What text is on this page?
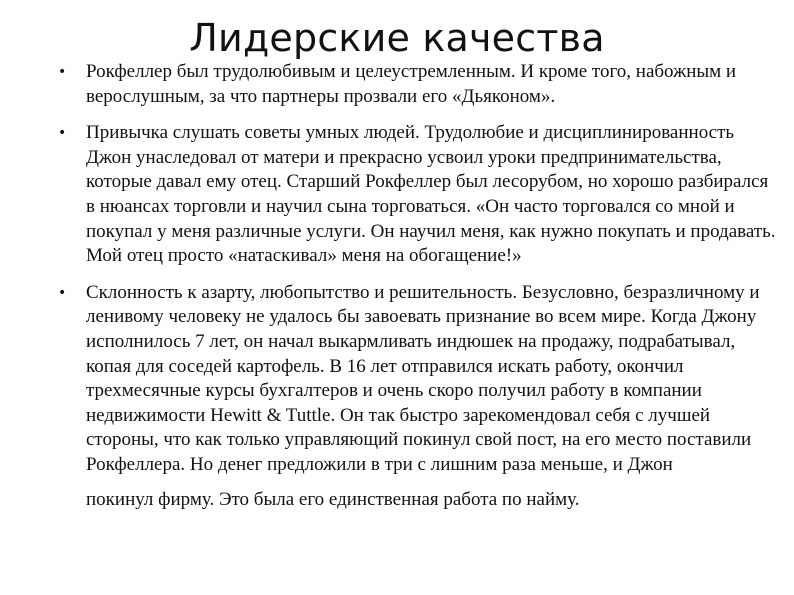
Лидерские качества
• Рокфеллер был трудолюбивым и целеустремленным. И кроме того, набожным и верослушным, за что партнеры прозвали его «Дьяконом».
• Привычка слушать советы умных людей. Трудолюбие и дисциплинированность Джон унаследовал от матери и прекрасно усвоил уроки предпринимательства, которые давал ему отец. Старший Рокфеллер был лесорубом, но хорошо разбирался в нюансах торговли и научил сына торговаться. «Он часто торговался со мной и покупал у меня различные услуги. Он научил меня, как нужно покупать и продавать. Мой отец просто «натаскивал» меня на обогащение!»
• Склонность к азарту, любопытство и решительность. Безусловно, безразличному и ленивому человеку не удалось бы завоевать признание во всем мире. Когда Джону исполнилось 7 лет, он начал выкармливать индюшек на продажу, подрабатывал, копая для соседей картофель. В 16 лет отправился искать работу, окончил трехмесячные курсы бухгалтеров и очень скоро получил работу в компании недвижимости Hewitt & Tuttle. Он так быстро зарекомендовал себя с лучшей стороны, что как только управляющий покинул свой пост, на его место поставили Рокфеллера. Но денег предложили в три с лишним раза меньше, и Джон
покинул фирму. Это была его единственная работа по найму.
